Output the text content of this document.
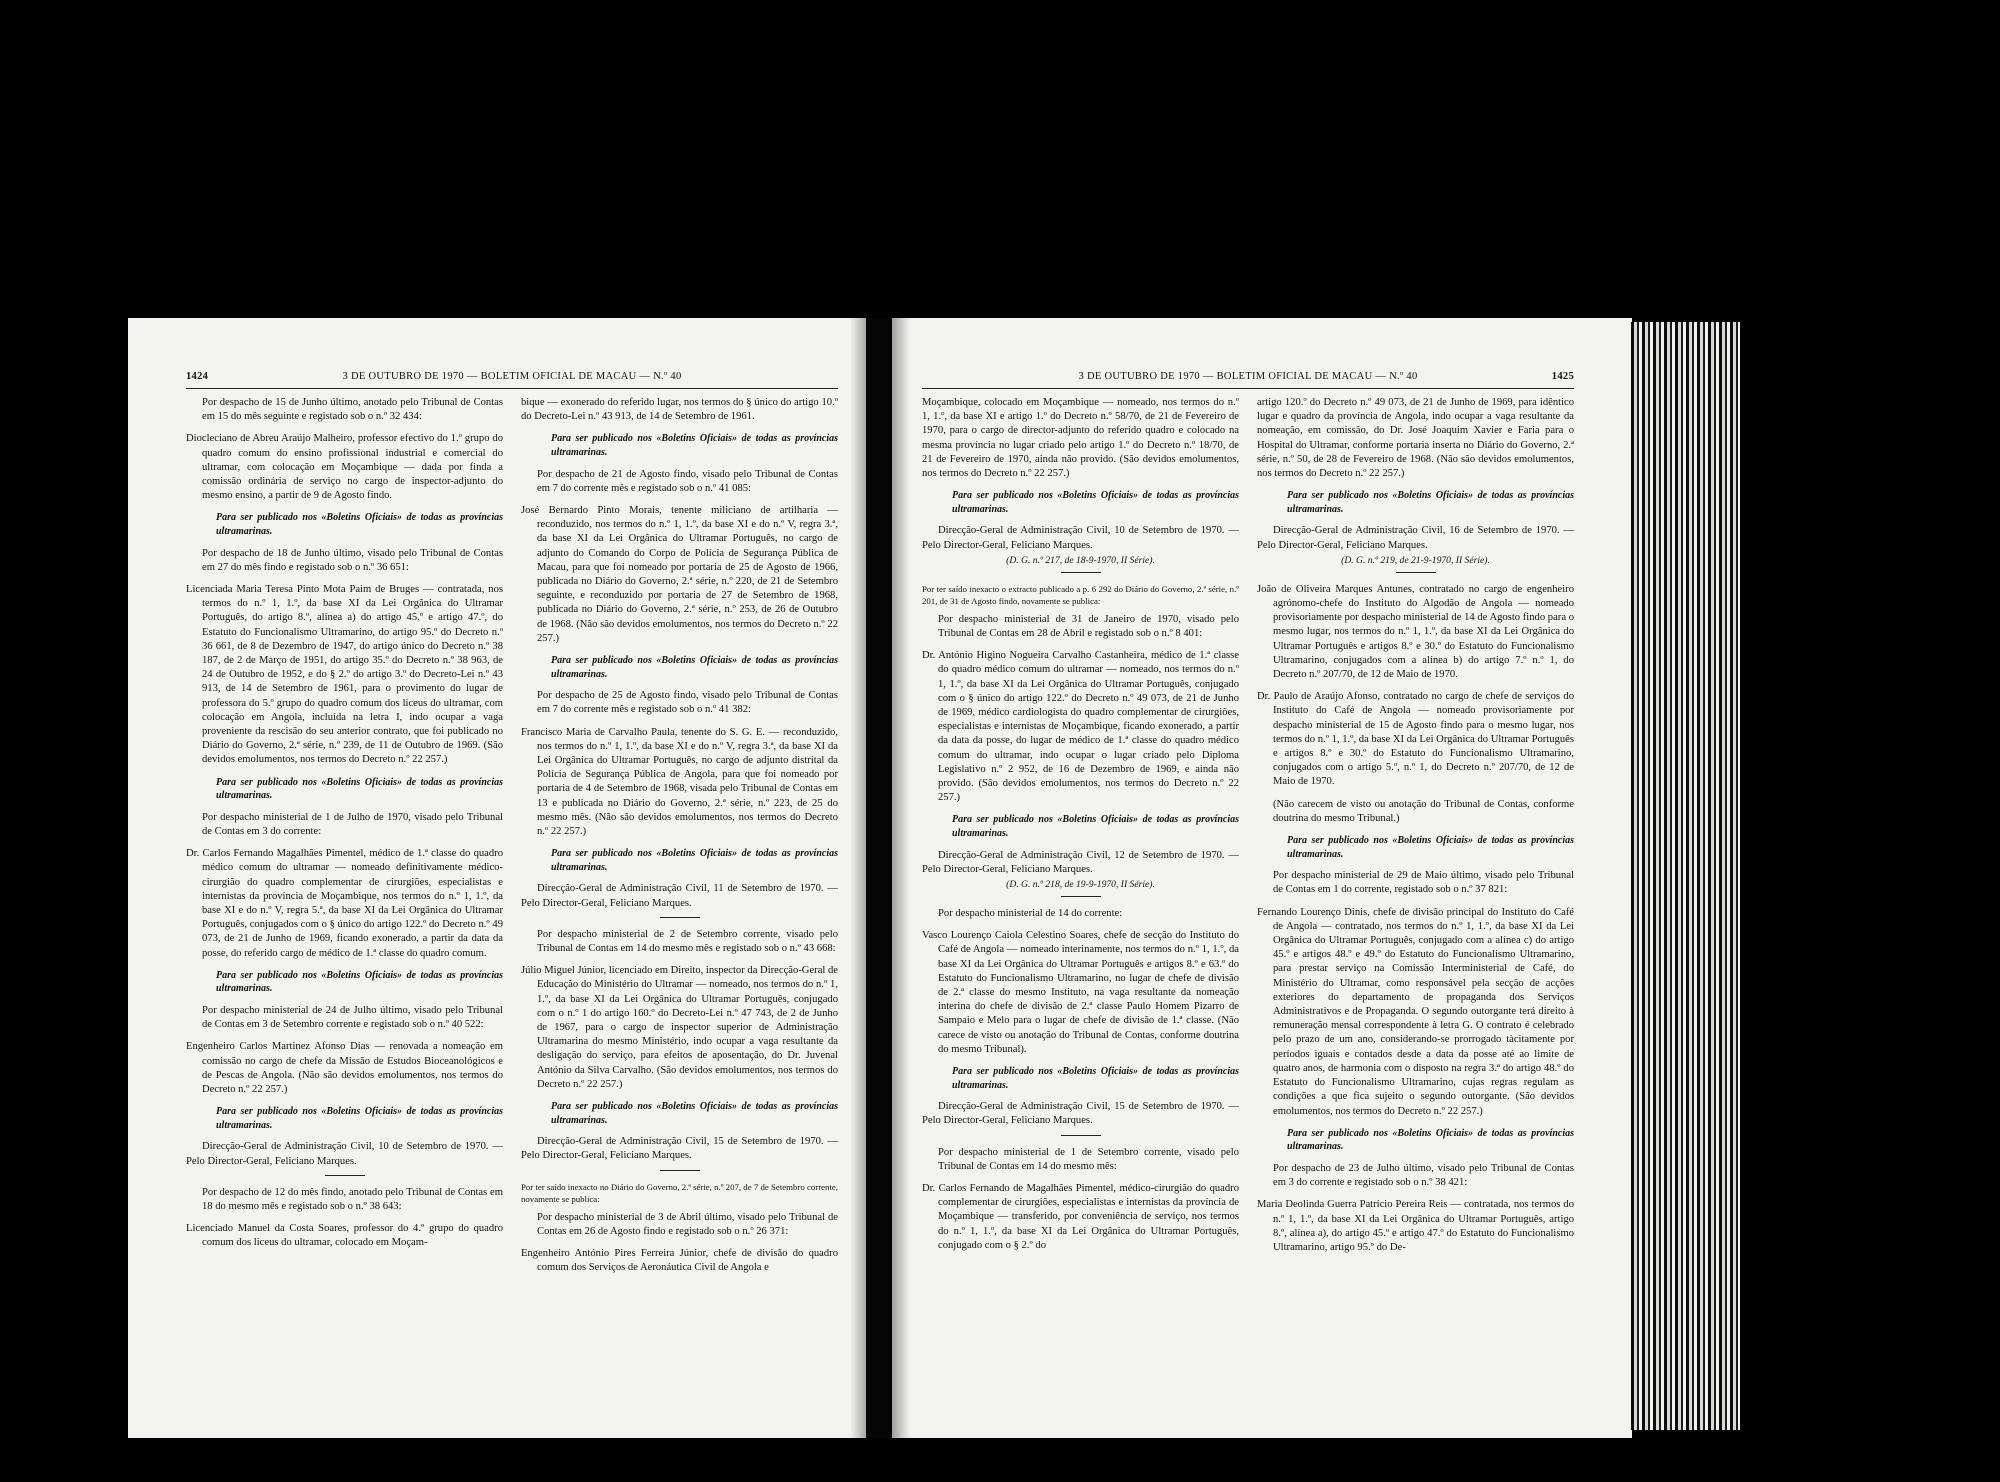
1424	3 DE OUTUBRO DE 1970 — BOLETIM OFICIAL DE MACAU — N.º 40

Por despacho de 15 de Junho último, anotado pelo Tribunal de Contas em 15 do mês seguinte e registado sob o n.º 32 434:

Diocleciano de Abreu Araújo Malheiro, professor efectivo do 1.º grupo do quadro comum do ensino profissional industrial e comercial do ultramar, com colocação em Moçambique — dada por finda a comissão ordinária de serviço no cargo de inspector-adjunto do mesmo ensino, a partir de 9 de Agosto findo.

Para ser publicado nos «Boletins Oficiais» de todas as províncias ultramarinas.

Por despacho de 18 de Junho último, visado pelo Tribunal de Contas em 27 do mês findo e registado sob o n.º 36 651:

Licenciada Maria Teresa Pinto Mota Paim de Bruges — contratada, nos termos do n.º 1, 1.º, da base XI da Lei Orgânica do Ultramar Português, do artigo 8.º, alínea a) do artigo 45.º e artigo 47.º, do Estatuto do Funcionalismo Ultramarino, do artigo 95.º do Decreto n.º 36 661, de 8 de Dezembro de 1947, do artigo único do Decreto n.º 38 187, de 2 de Março de 1951, do artigo 35.º do Decreto n.º 38 963, de 24 de Outubro de 1952, e do § 2.º do artigo 3.º do Decreto-Lei n.º 43 913, de 14 de Setembro de 1961, para o provimento do lugar de professora do 5.º grupo do quadro comum dos liceus do ultramar, com colocação em Angola, incluída na letra I, indo ocupar a vaga proveniente da rescisão do seu anterior contrato, que foi publicado no Diário do Governo, 2.ª série, n.º 239, de 11 de Outubro de 1969. (São devidos emolumentos, nos termos do Decreto n.º 22 257.)

Para ser publicado nos «Boletins Oficiais» de todas as províncias ultramarinas.

Por despacho ministerial de 1 de Julho de 1970, visado pelo Tribunal de Contas em 3 do corrente:

Dr. Carlos Fernando Magalhães Pimentel, médico de 1.ª classe do quadro médico comum do ultramar — nomeado definitivamente médico-cirurgião do quadro complementar de cirurgiões, especialistas e internistas da província de Moçambique, nos termos do n.º 1, 1.º, da base XI e do n.º V, regra 5.ª, da base XI da Lei Orgânica do Ultramar Português, conjugados com o § único do artigo 122.º do Decreto n.º 49 073, de 21 de Junho de 1969, ficando exonerado, a partir da data da posse, do referido cargo de médico de 1.ª classe do quadro comum.

Para ser publicado nos «Boletins Oficiais» de todas as províncias ultramarinas.

Por despacho ministerial de 24 de Julho último, visado pelo Tribunal de Contas em 3 de Setembro corrente e registado sob o n.º 40 522:

Engenheiro Carlos Martinez Afonso Dias — renovada a nomeação em comissão no cargo de chefe da Missão de Estudos Bioceanológicos e de Pescas de Angola. (Não são devidos emolumentos, nos termos do Decreto n.º 22 257.)

Para ser publicado nos «Boletins Oficiais» de todas as províncias ultramarinas.

Direcção-Geral de Administração Civil, 10 de Setembro de 1970. — Pelo Director-Geral, Feliciano Marques.

Por despacho de 12 do mês findo, anotado pelo Tribunal de Contas em 18 do mesmo mês e registado sob o n.º 38 643:

Licenciado Manuel da Costa Soares, professor do 4.º grupo do quadro comum dos liceus do ultramar, colocado em Moçam-

bique — exonerado do referido lugar, nos termos do § único do artigo 10.º do Decreto-Lei n.º 43 913, de 14 de Setembro de 1961.

Para ser publicado nos «Boletins Oficiais» de todas as províncias ultramarinas.

Por despacho de 21 de Agosto findo, visado pelo Tribunal de Contas em 7 do corrente mês e registado sob o n.º 41 085:

José Bernardo Pinto Morais, tenente miliciano de artilharia — reconduzido, nos termos do n.º 1, 1.º, da base XI e do n.º V, regra 3.ª, da base XI da Lei Orgânica do Ultramar Português, no cargo de adjunto do Comando do Corpo de Polícia de Segurança Pública de Macau, para que foi nomeado por portaria de 25 de Agosto de 1966, publicada no Diário do Governo, 2.ª série, n.º 220, de 21 de Setembro seguinte, e reconduzido por portaria de 27 de Setembro de 1968, publicada no Diário do Governo, 2.ª série, n.º 253, de 26 de Outubro de 1968. (Não são devidos emolumentos, nos termos do Decreto n.º 22 257.)

Para ser publicado nos «Boletins Oficiais» de todas as províncias ultramarinas.

Por despacho de 25 de Agosto findo, visado pelo Tribunal de Contas em 7 do corrente mês e registado sob o n.º 41 382:

Francisco Maria de Carvalho Paula, tenente do S. G. E. — reconduzido, nos termos do n.º 1, 1.º, da base XI e do n.º V, regra 3.ª, da base XI da Lei Orgânica do Ultramar Português, no cargo de adjunto distrital da Polícia de Segurança Pública de Angola, para que foi nomeado por portaria de 4 de Setembro de 1968, visada pelo Tribunal de Contas em 13 e publicada no Diário do Governo, 2.ª série, n.º 223, de 25 do mesmo mês. (Não são devidos emolumentos, nos termos do Decreto n.º 22 257.)

Para ser publicado nos «Boletins Oficiais» de todas as províncias ultramarinas.

Direcção-Geral de Administração Civil, 11 de Setembro de 1970. — Pelo Director-Geral, Feliciano Marques.

Por despacho ministerial de 2 de Setembro corrente, visado pelo Tribunal de Contas em 14 do mesmo mês e registado sob o n.º 43 668:

Júlio Miguel Júnior, licenciado em Direito, inspector da Direcção-Geral de Educação do Ministério do Ultramar — nomeado, nos termos do n.º 1, 1.º, da base XI da Lei Orgânica do Ultramar Português, conjugado com o n.º 1 do artigo 160.º do Decreto-Lei n.º 47 743, de 2 de Junho de 1967, para o cargo de inspector superior de Administração Ultramarina do mesmo Ministério, indo ocupar a vaga resultante da desligação do serviço, para efeitos de aposentação, do Dr. Juvenal António da Silva Carvalho. (São devidos emolumentos, nos termos do Decreto n.º 22 257.)

Para ser publicado nos «Boletins Oficiais» de todas as províncias ultramarinas.

Direcção-Geral de Administração Civil, 15 de Setembro de 1970. — Pelo Director-Geral, Feliciano Marques.

Por ter saído inexacto no Diário do Governo, 2.ª série, n.º 207, de 7 de Setembro corrente, novamente se publica:

Por despacho ministerial de 3 de Abril último, visado pelo Tribunal de Contas em 26 de Agosto findo e registado sob o n.º 26 371:

Engenheiro António Pires Ferreira Júnior, chefe de divisão do quadro comum dos Serviços de Aeronáutica Civil de Angola e

1425
3 DE OUTUBRO DE 1970 — BOLETIM OFICIAL DE MACAU — N.º 40

Moçambique, colocado em Moçambique — nomeado, nos termos do n.º 1, 1.º, da base XI e artigo 1.º do Decreto n.º 58/70, de 21 de Fevereiro de 1970, para o cargo de director-adjunto do referido quadro e colocado na mesma província no lugar criado pelo artigo 1.º do Decreto n.º 18/70, de 21 de Fevereiro de 1970, ainda não provido. (São devidos emolumentos, nos termos do Decreto n.º 22 257.)

Para ser publicado nos «Boletins Oficiais» de todas as províncias ultramarinas.

Direcção-Geral de Administração Civil, 10 de Setembro de 1970. — Pelo Director-Geral, Feliciano Marques.

(D. G. n.º 217, de 18-9-1970, II Série).

Por ter saído inexacto o extracto publicado a p. 6 292 do Diário do Governo, 2.ª série, n.º 201, de 31 de Agosto findo, novamente se publica:

Por despacho ministerial de 31 de Janeiro de 1970, visado pelo Tribunal de Contas em 28 de Abril e registado sob o n.º 8 401:

Dr. António Higino Nogueira Carvalho Castanheira, médico de 1.ª classe do quadro médico comum do ultramar — nomeado, nos termos do n.º 1, 1.º, da base XI da Lei Orgânica do Ultramar Português, conjugado com o § único do artigo 122.º do Decreto n.º 49 073, de 21 de Junho de 1969, médico cardiologista do quadro complementar de cirurgiões, especialistas e internistas de Moçambique, ficando exonerado, a partir da data da posse, do lugar de médico de 1.ª classe do quadro médico comum do ultramar, indo ocupar o lugar criado pelo Diploma Legislativo n.º 2 952, de 16 de Dezembro de 1969, e ainda não provido. (São devidos emolumentos, nos termos do Decreto n.º 22 257.)

Para ser publicado nos «Boletins Oficiais» de todas as províncias ultramarinas.

Direcção-Geral de Administração Civil, 12 de Setembro de 1970. — Pelo Director-Geral, Feliciano Marques.

(D. G. n.º 218, de 19-9-1970, II Série).

Por despacho ministerial de 14 do corrente:

Vasco Lourenço Caiola Celestino Soares, chefe de secção do Instituto do Café de Angola — nomeado interinamente, nos termos do n.º 1, 1.º, da base XI da Lei Orgânica do Ultramar Português e artigos 8.º e 63.º do Estatuto do Funcionalismo Ultramarino, no lugar de chefe de divisão de 2.ª classe do mesmo Instituto, na vaga resultante da nomeação interina do chefe de divisão de 2.ª classe Paulo Homem Pizarro de Sampaio e Melo para o lugar de chefe de divisão de 1.ª classe. (Não carece de visto ou anotação do Tribunal de Contas, conforme doutrina do mesmo Tribunal).

Para ser publicado nos «Boletins Oficiais» de todas as províncias ultramarinas.

Direcção-Geral de Administração Civil, 15 de Setembro de 1970. — Pelo Director-Geral, Feliciano Marques.

Por despacho ministerial de 1 de Setembro corrente, visado pelo Tribunal de Contas em 14 do mesmo mês:

Dr. Carlos Fernando de Magalhães Pimentel, médico-cirurgião do quadro complementar de cirurgiões, especialistas e internistas da província de Moçambique — transferido, por conveniência de serviço, nos termos do n.º 1, 1.º, da base XI da Lei Orgânica do Ultramar Português, conjugado com o § 2.º do

artigo 120.º do Decreto n.º 49 073, de 21 de Junho de 1969, para idêntico lugar e quadro da província de Angola, indo ocupar a vaga resultante da nomeação, em comissão, do Dr. José Joaquim Xavier e Faria para o Hospital do Ultramar, conforme portaria inserta no Diário do Governo, 2.ª série, n.º 50, de 28 de Fevereiro de 1968. (Não são devidos emolumentos, nos termos do Decreto n.º 22 257.)

Para ser publicado nos «Boletins Oficiais» de todas as províncias ultramarinas.

Direcção-Geral de Administração Civil, 16 de Setembro de 1970. — Pelo Director-Geral, Feliciano Marques.

(D. G. n.º 219, de 21-9-1970, II Série).

João de Oliveira Marques Antunes, contratado no cargo de engenheiro agrónomo-chefe do Instituto do Algodão de Angola — nomeado provisoriamente por despacho ministerial de 14 de Agosto findo para o mesmo lugar, nos termos do n.º 1, 1.º, da base XI da Lei Orgânica do Ultramar Português e artigos 8.º e 30.º do Estatuto do Funcionalismo Ultramarino, conjugados com a alínea b) do artigo 7.º n.º 1, do Decreto n.º 207/70, de 12 de Maio de 1970.

Dr. Paulo de Araújo Afonso, contratado no cargo de chefe de serviços do Instituto do Café de Angola — nomeado provisoriamente por despacho ministerial de 15 de Agosto findo para o mesmo lugar, nos termos do n.º 1, 1.º, da base XI da Lei Orgânica do Ultramar Português e artigos 8.º e 30.º do Estatuto do Funcionalismo Ultramarino, conjugados com o artigo 5.º, n.º 1, do Decreto n.º 207/70, de 12 de Maio de 1970.

(Não carecem de visto ou anotação do Tribunal de Contas, conforme doutrina do mesmo Tribunal.)

Para ser publicado nos «Boletins Oficiais» de todas as províncias ultramarinas.

Por despacho ministerial de 29 de Maio último, visado pelo Tribunal de Contas em 1 do corrente, registado sob o n.º 37 821:

Fernando Lourenço Dinis, chefe de divisão principal do Instituto do Café de Angola — contratado, nos termos do n.º 1, 1.º, da base XI da Lei Orgânica do Ultramar Português, conjugado com a alínea c) do artigo 45.º e artigos 48.º e 49.º do Estatuto do Funcionalismo Ultramarino, para prestar serviço na Comissão Interministerial de Café, do Ministério do Ultramar, como responsável pela secção de acções exteriores do departamento de propaganda dos Serviços Administrativos e de Propaganda. O segundo outorgante terá direito à remuneração mensal correspondente à letra G. O contrato é celebrado pelo prazo de um ano, considerando-se prorrogado tàcitamente por períodos iguais e contados desde a data da posse até ao limite de quatro anos, de harmonia com o disposto na regra 3.ª do artigo 48.º do Estatuto do Funcionalismo Ultramarino, cujas regras regulam as condições a que fica sujeito o segundo outorgante. (São devidos emolumentos, nos termos do Decreto n.º 22 257.)

Para ser publicado nos «Boletins Oficiais» de todas as províncias ultramarinas.

Por despacho de 23 de Julho último, visado pelo Tribunal de Contas em 3 do corrente e registado sob o n.º 38 421:

Maria Deolinda Guerra Patrício Pereira Reis — contratada, nos termos do n.º 1, 1.º, da base XI da Lei Orgânica do Ultramar Português, artigo 8.º, alínea a), do artigo 45.º e artigo 47.º do Estatuto do Funcionalismo Ultramarino, artigo 95.º do De-
